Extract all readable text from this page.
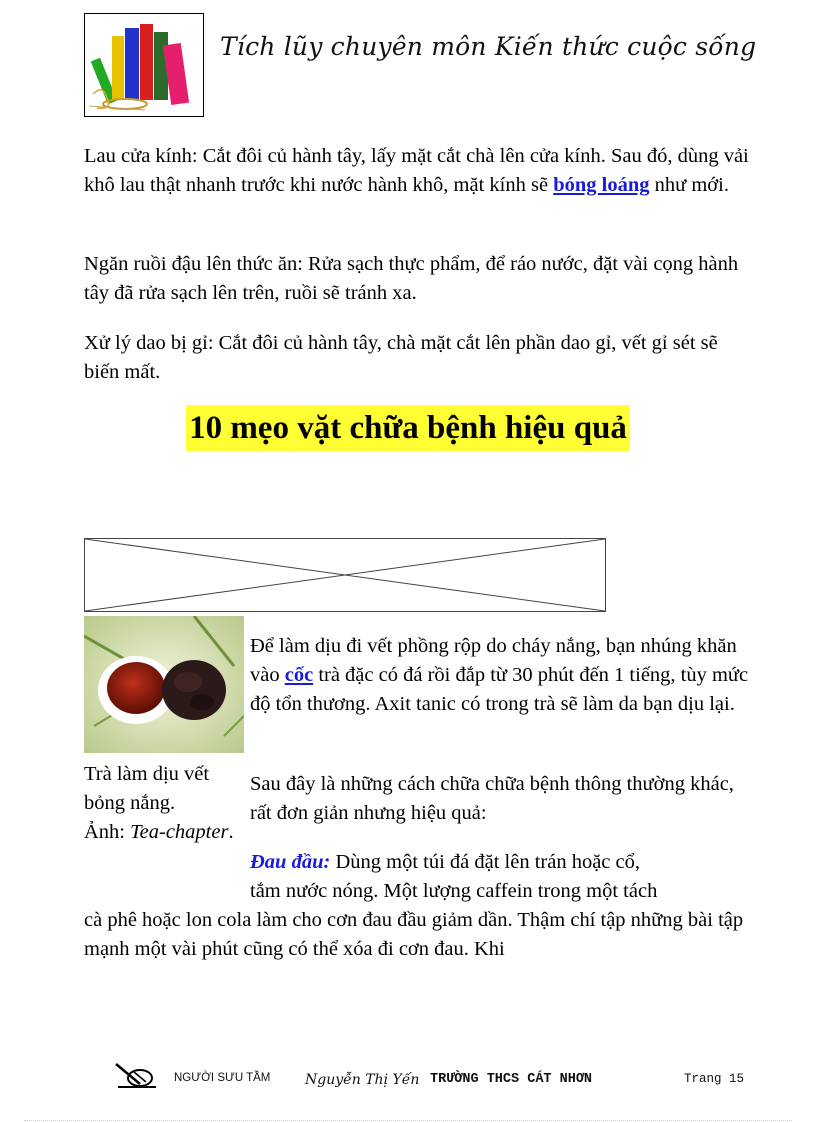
Tích lũy chuyên môn Kiến thức cuộc sống

Lau cửa kính: Cắt đôi củ hành tây, lấy mặt cắt chà lên cửa kính. Sau đó, dùng vải khô lau thật nhanh trước khi nước hành khô, mặt kính sẽ bóng loáng như mới.

Ngăn ruồi đậu lên thức ăn: Rửa sạch thực phẩm, để ráo nước, đặt vài cọng hành tây đã rửa sạch lên trên, ruồi sẽ tránh xa.

Xử lý dao bị gỉ: Cắt đôi củ hành tây, chà mặt cắt lên phần dao gỉ, vết gỉ sét sẽ biến mất.

10 mẹo vặt chữa bệnh hiệu quả
Trà làm dịu vết bỏng nắng.
Ảnh: Tea-chapter.

Để làm dịu đi vết phồng rộp do cháy nắng, bạn nhúng khăn vào cốc trà đặc có đá rồi đắp từ 30 phút đến 1 tiếng, tùy mức độ tổn thương. Axit tanic có trong trà sẽ làm da bạn dịu lại.

Sau đây là những cách chữa chữa bệnh thông thường khác, rất đơn giản nhưng hiệu quả:

Đau đầu: Dùng một túi đá đặt lên trán hoặc cổ,
tắm nước nóng. Một lượng caffein trong một tách

cà phê hoặc lon cola làm cho cơn đau đầu giảm dần. Thậm chí tập những bài tập mạnh một vài phút cũng có thể xóa đi cơn đau. Khi

NGƯỜI SƯU TẦM Nguyễn Thị Yến TRƯỜNG THCS CÁT NHƠN	Trang 15
